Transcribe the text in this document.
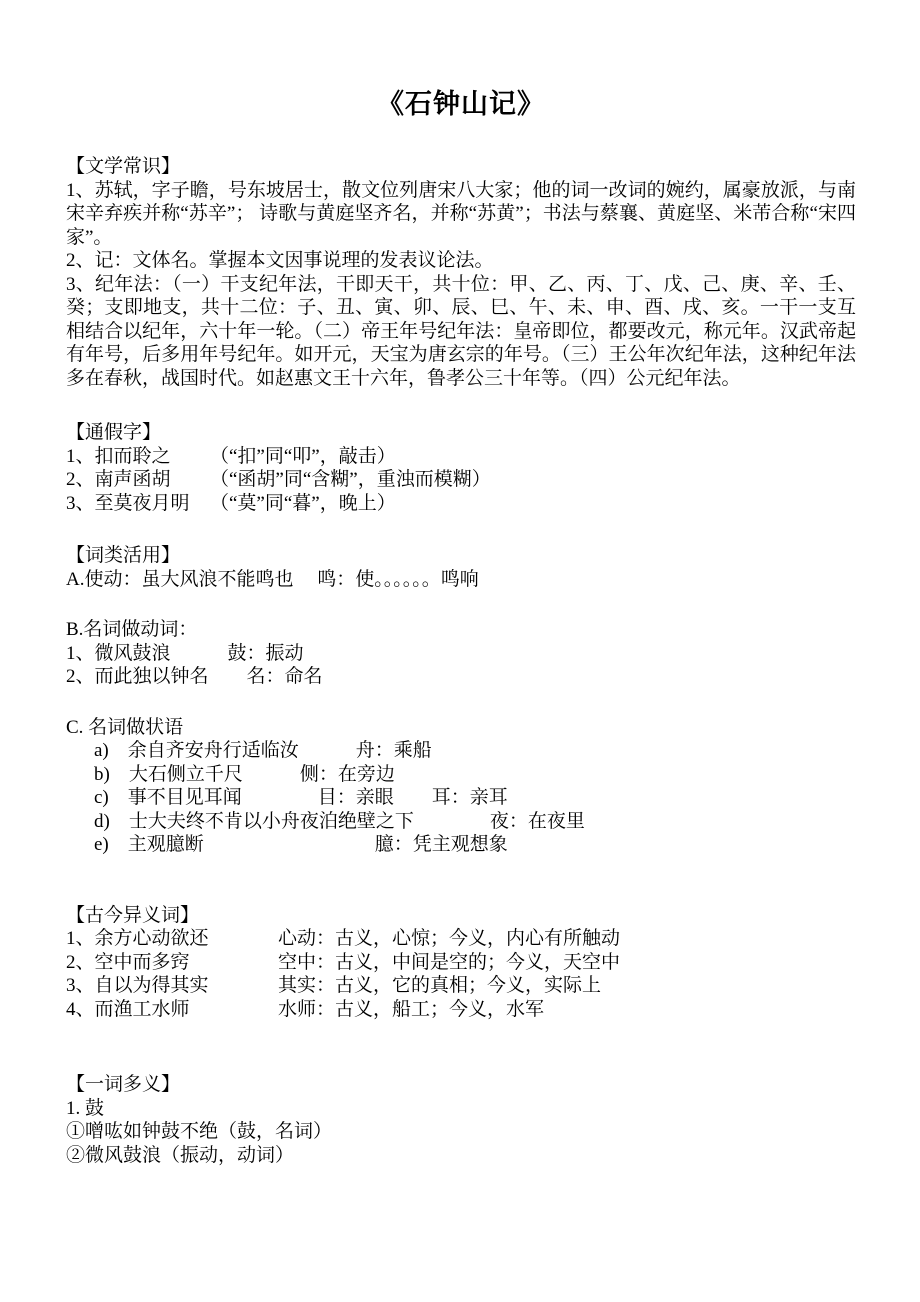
《石钟山记》
【文学常识】
1、苏轼，字子瞻，号东坡居士，散文位列唐宋八大家；他的词一改词的婉约，属豪放派，与南宋辛弃疾并称“苏辛”； 诗歌与黄庭坚齐名，并称“苏黄”；书法与蔡襄、黄庭坚、米芾合称“宋四家”。
2、记：文体名。掌握本文因事说理的发表议论法。
3、纪年法：（一）干支纪年法，干即天干，共十位：甲、乙、丙、丁、戊、己、庚、辛、壬、癸；支即地支，共十二位：子、丑、寅、卯、辰、巳、午、未、申、酉、戌、亥。一干一支互相结合以纪年，六十年一轮。（二）帝王年号纪年法：皇帝即位，都要改元，称元年。汉武帝起有年号，后多用年号纪年。如开元，天宝为唐玄宗的年号。（三）王公年次纪年法，这种纪年法多在春秋，战国时代。如赵惠文王十六年，鲁孝公三十年等。（四）公元纪年法。
【通假字】
1、扣而聆之	（“扣”同“叩”，敲击）
2、南声函胡	（“函胡”同“含糊”，重浊而模糊）
3、至莫夜月明	（“莫”同“暮”，晚上）
【词类活用】
A.使动：虽大风浪不能鸣也　 鸣：使。。。。。。鸣响
B.名词做动词：
1、微风鼓浪　　　鼓：振动
2、而此独以钟名　　名：命名
C. 名词做状语
a)　余自齐安舟行适临汝　　　舟：乘船
b)　大石侧立千尺　　　侧：在旁边
c)　事不目见耳闻　　　　目：亲眼　　耳：亲耳
d)　士大夫终不肯以小舟夜泊绝壁之下　　　　夜：在夜里
e)　主观臆断　　　　　　　　　臆：凭主观想象
【古今异义词】
1、余方心动欲还	心动：古义，心惊；今义，内心有所触动
2、空中而多窍	空中：古义，中间是空的；今义，天空中
3、自以为得其实	其实：古义，它的真相；今义，实际上
4、而渔工水师	水师：古义，船工；今义，水军
【一词多义】
1. 鼓
①噌吰如钟鼓不绝（鼓，名词）
②微风鼓浪（振动，动词）
